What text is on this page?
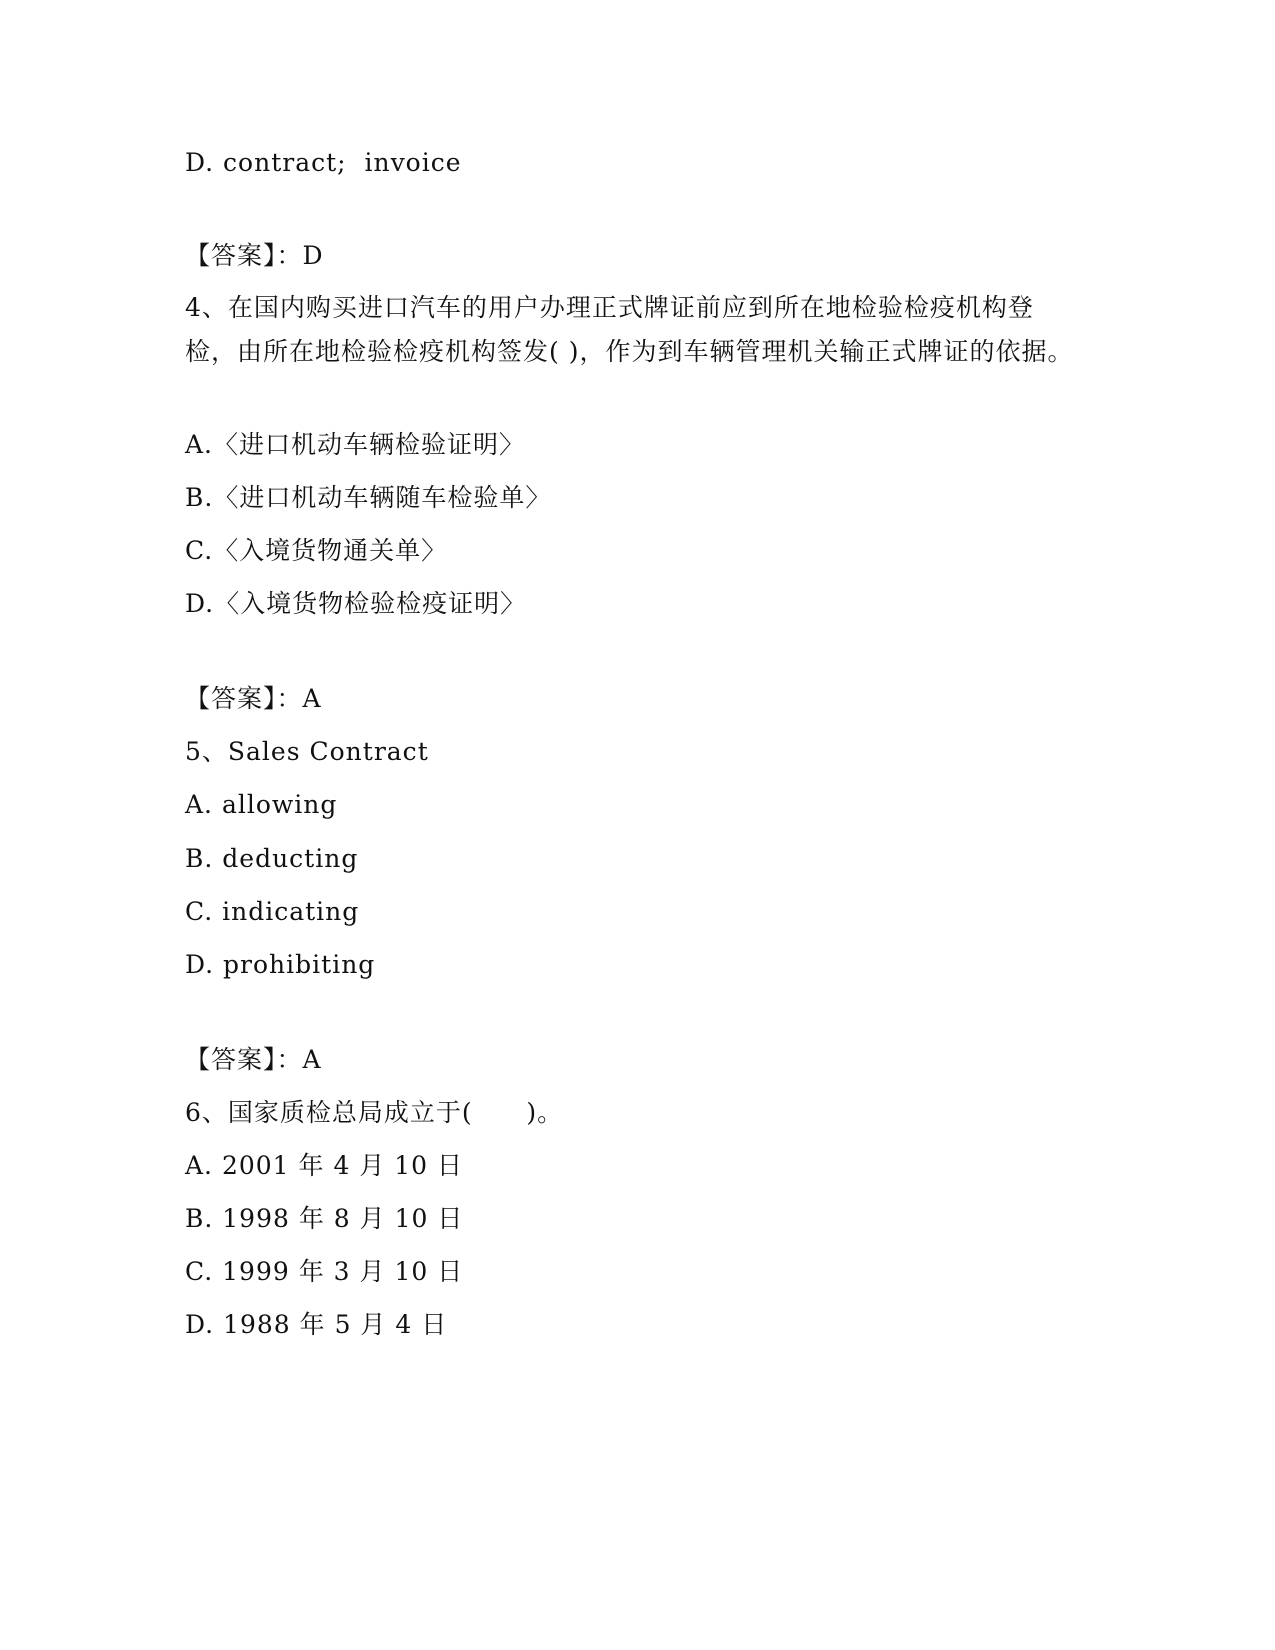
D. contract;  invoice
【答案】：D
4、在国内购买进口汽车的用户办理正式牌证前应到所在地检验检疫机构登检，由所在地检验检疫机构签发( )，作为到车辆管理机关输正式牌证的依据。
A.〈进口机动车辆检验证明〉
B.〈进口机动车辆随车检验单〉
C.〈入境货物通关单〉
D.〈入境货物检验检疫证明〉
【答案】：A
5、Sales Contract
A. allowing
B. deducting
C. indicating
D. prohibiting
【答案】：A
6、国家质检总局成立于(      )。
A. 2001 年 4 月 10 日
B. 1998 年 8 月 10 日
C. 1999 年 3 月 10 日
D. 1988 年 5 月 4 日
